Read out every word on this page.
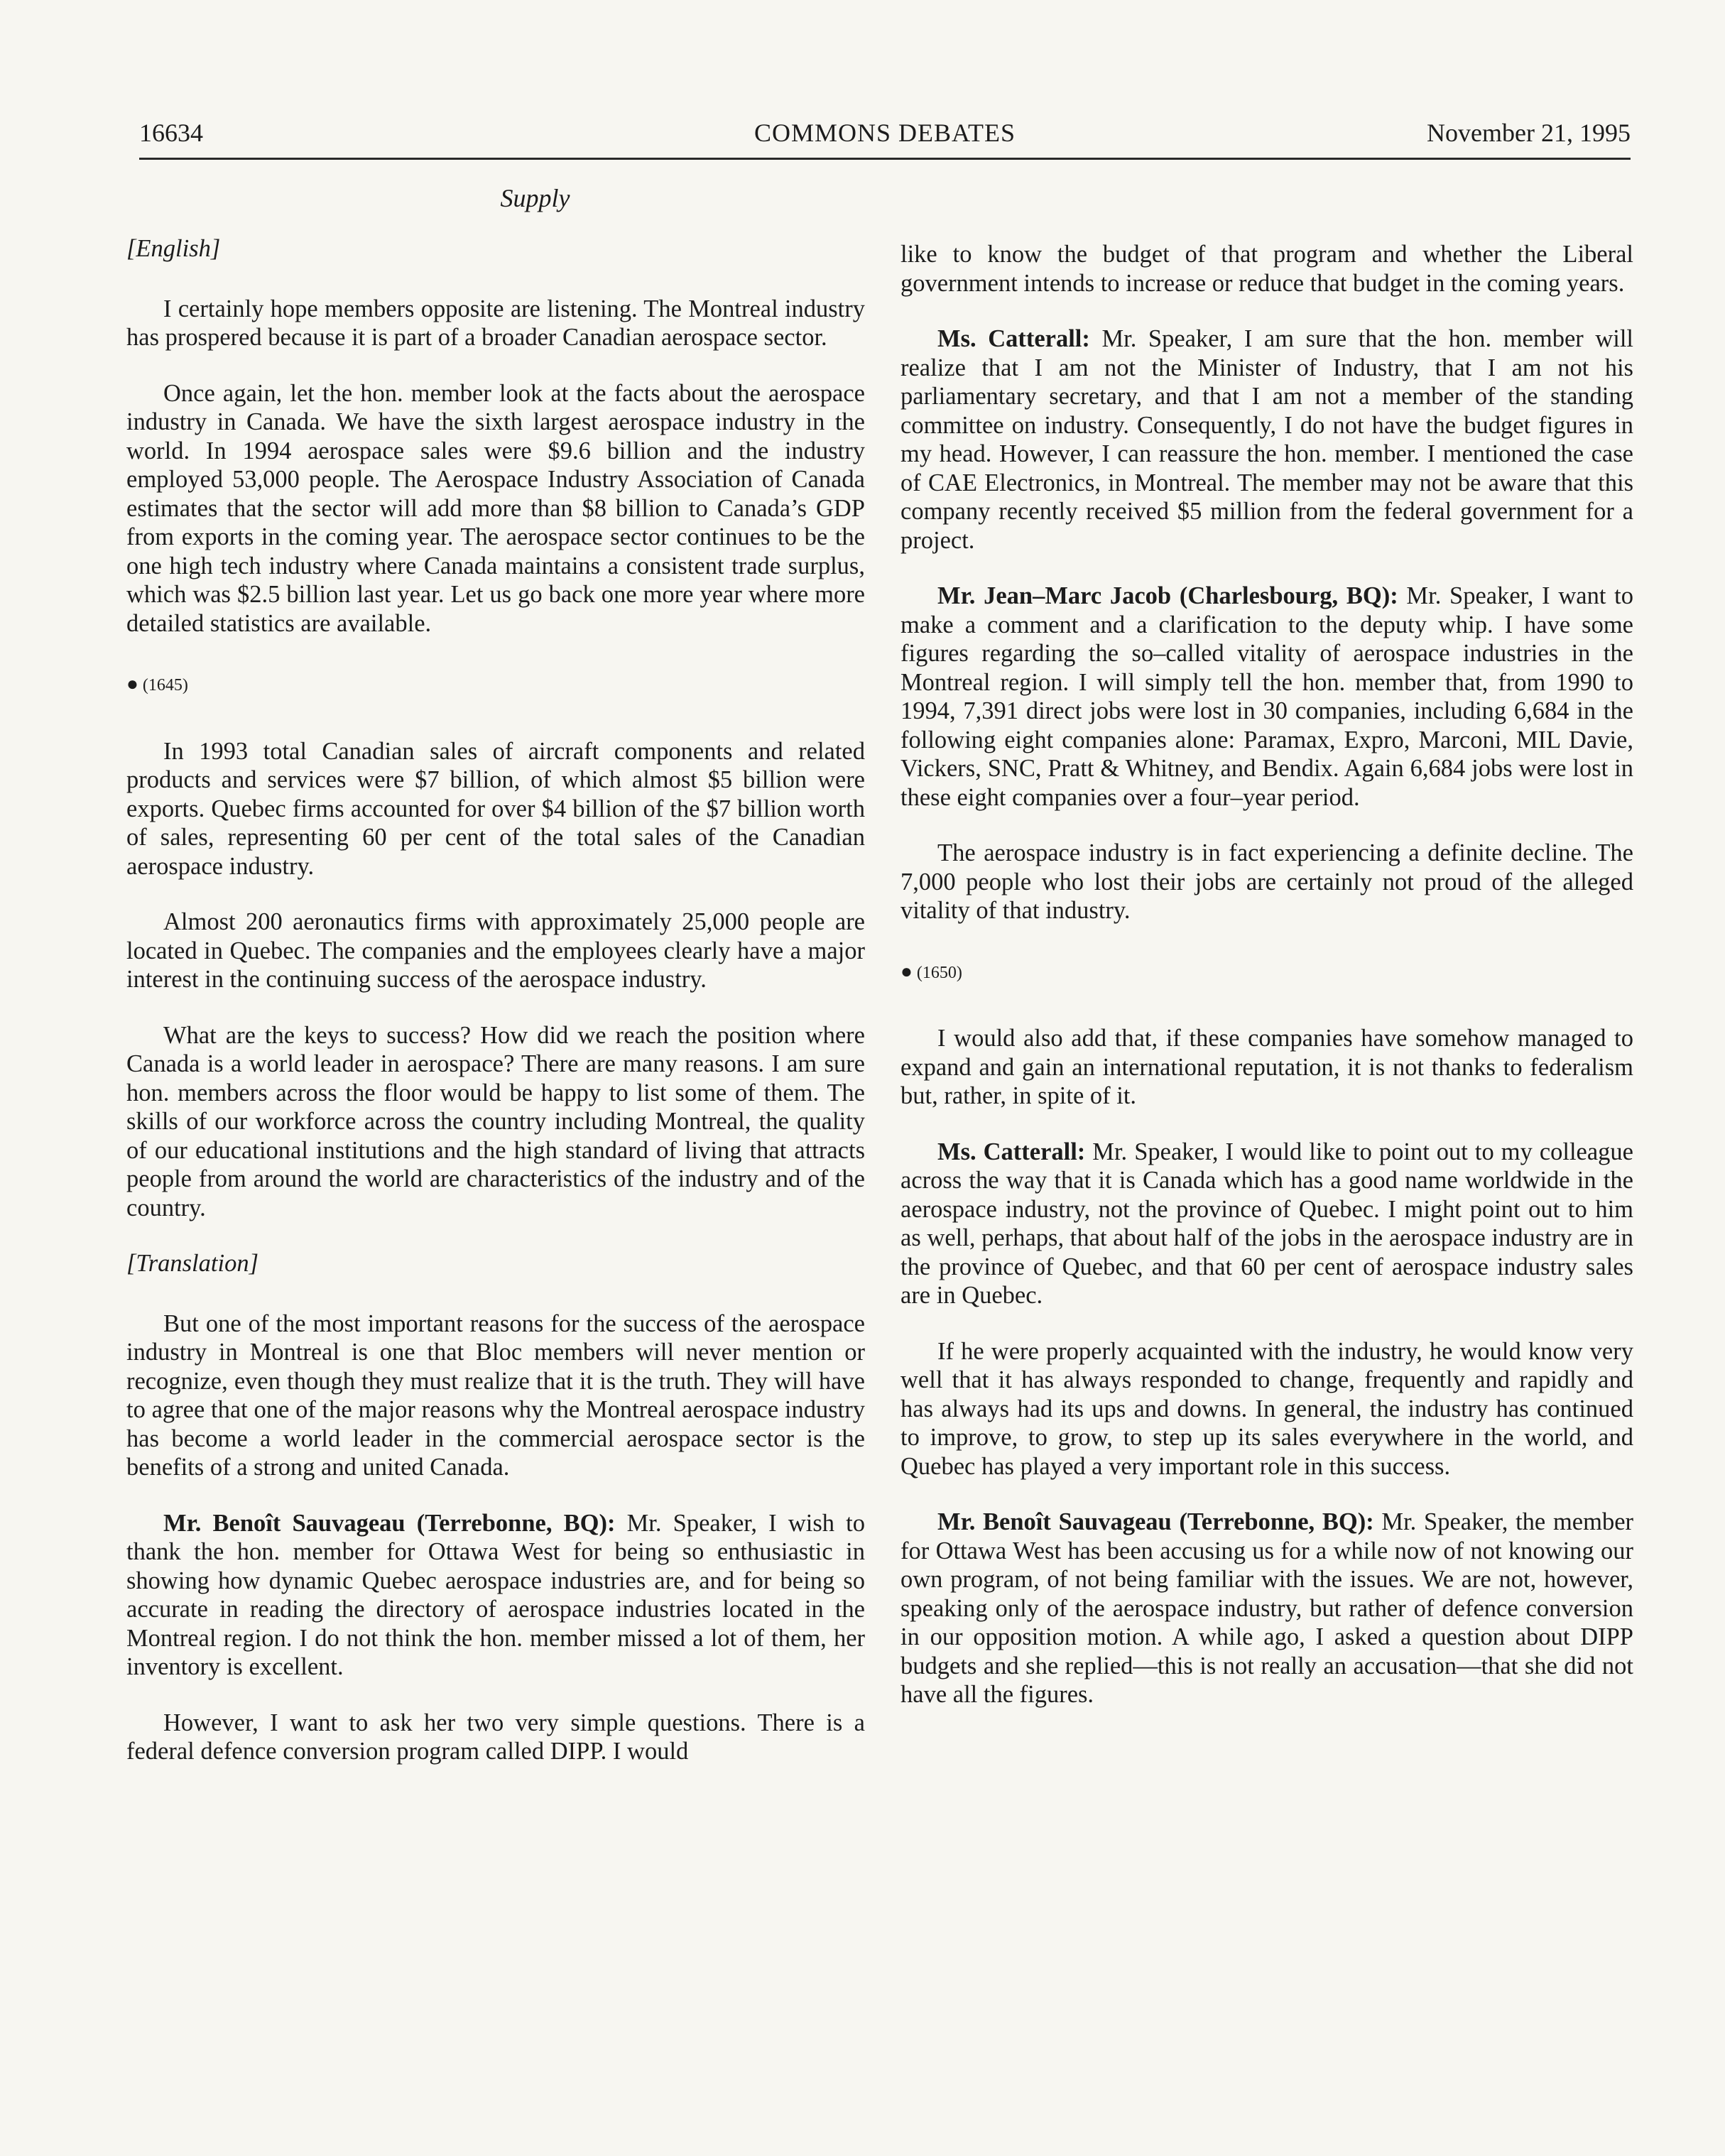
16634	COMMONS DEBATES	November 21, 1995
Supply

[English]

I certainly hope members opposite are listening. The Montreal industry has prospered because it is part of a broader Canadian aerospace sector.

Once again, let the hon. member look at the facts about the aerospace industry in Canada. We have the sixth largest aerospace industry in the world. In 1994 aerospace sales were $9.6 billion and the industry employed 53,000 people. The Aerospace Industry Association of Canada estimates that the sector will add more than $8 billion to Canada’s GDP from exports in the coming year. The aerospace sector continues to be the one high tech industry where Canada maintains a consistent trade surplus, which was $2.5 billion last year. Let us go back one more year where more detailed statistics are available.

● (1645)

In 1993 total Canadian sales of aircraft components and related products and services were $7 billion, of which almost $5 billion were exports. Quebec firms accounted for over $4 billion of the $7 billion worth of sales, representing 60 per cent of the total sales of the Canadian aerospace industry.

Almost 200 aeronautics firms with approximately 25,000 people are located in Quebec. The companies and the employees clearly have a major interest in the continuing success of the aerospace industry.

What are the keys to success? How did we reach the position where Canada is a world leader in aerospace? There are many reasons. I am sure hon. members across the floor would be happy to list some of them. The skills of our workforce across the country including Montreal, the quality of our educational institutions and the high standard of living that attracts people from around the world are characteristics of the industry and of the country.

[Translation]

But one of the most important reasons for the success of the aerospace industry in Montreal is one that Bloc members will never mention or recognize, even though they must realize that it is the truth. They will have to agree that one of the major reasons why the Montreal aerospace industry has become a world leader in the commercial aerospace sector is the benefits of a strong and united Canada.

Mr. Benoît Sauvageau (Terrebonne, BQ): Mr. Speaker, I wish to thank the hon. member for Ottawa West for being so enthusiastic in showing how dynamic Quebec aerospace industries are, and for being so accurate in reading the directory of aerospace industries located in the Montreal region. I do not think the hon. member missed a lot of them, her inventory is excellent.

However, I want to ask her two very simple questions. There is a federal defence conversion program called DIPP. I would

like to know the budget of that program and whether the Liberal government intends to increase or reduce that budget in the coming years.

Ms. Catterall: Mr. Speaker, I am sure that the hon. member will realize that I am not the Minister of Industry, that I am not his parliamentary secretary, and that I am not a member of the standing committee on industry. Consequently, I do not have the budget figures in my head. However, I can reassure the hon. member. I mentioned the case of CAE Electronics, in Montreal. The member may not be aware that this company recently received $5 million from the federal government for a project.

Mr. Jean–Marc Jacob (Charlesbourg, BQ): Mr. Speaker, I want to make a comment and a clarification to the deputy whip. I have some figures regarding the so–called vitality of aerospace industries in the Montreal region. I will simply tell the hon. member that, from 1990 to 1994, 7,391 direct jobs were lost in 30 companies, including 6,684 in the following eight companies alone: Paramax, Expro, Marconi, MIL Davie, Vickers, SNC, Pratt & Whitney, and Bendix. Again 6,684 jobs were lost in these eight companies over a four–year period.

The aerospace industry is in fact experiencing a definite decline. The 7,000 people who lost their jobs are certainly not proud of the alleged vitality of that industry.

● (1650)

I would also add that, if these companies have somehow managed to expand and gain an international reputation, it is not thanks to federalism but, rather, in spite of it.

Ms. Catterall: Mr. Speaker, I would like to point out to my colleague across the way that it is Canada which has a good name worldwide in the aerospace industry, not the province of Quebec. I might point out to him as well, perhaps, that about half of the jobs in the aerospace industry are in the province of Quebec, and that 60 per cent of aerospace industry sales are in Quebec.

If he were properly acquainted with the industry, he would know very well that it has always responded to change, frequently and rapidly and has always had its ups and downs. In general, the industry has continued to improve, to grow, to step up its sales everywhere in the world, and Quebec has played a very important role in this success.

Mr. Benoît Sauvageau (Terrebonne, BQ): Mr. Speaker, the member for Ottawa West has been accusing us for a while now of not knowing our own program, of not being familiar with the issues. We are not, however, speaking only of the aerospace industry, but rather of defence conversion in our opposition motion. A while ago, I asked a question about DIPP budgets and she replied—this is not really an accusation—that she did not have all the figures.
